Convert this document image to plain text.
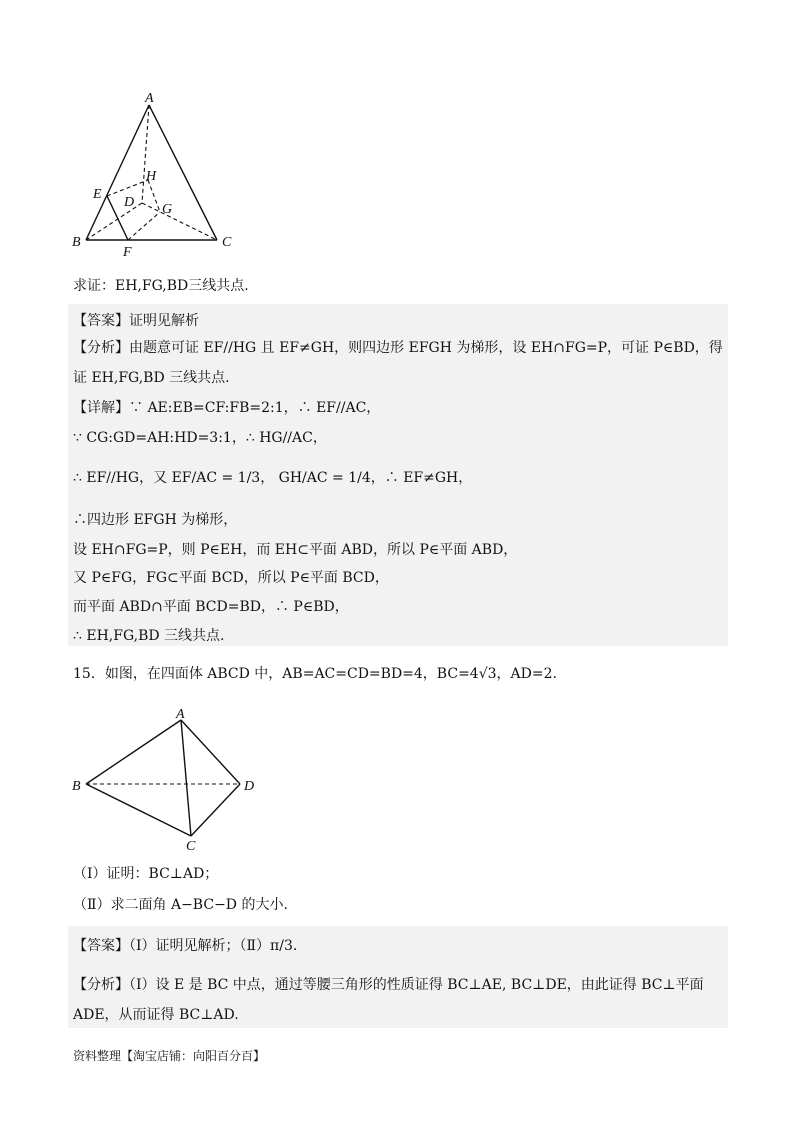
A
B	C
D
E
F
G
H
求证：EH,FG,BD三线共点.
【答案】证明见解析
【分析】由题意可证 EF//HG 且 EF≠GH，则四边形 EFGH 为梯形，设 EH∩FG=P，可证 P∈BD，得
证 EH,FG,BD 三线共点.
【详解】∵ AE:EB=CF:FB=2:1，∴ EF//AC，
∵ CG:GD=AH:HD=3:1，∴ HG//AC，
∴ EF//HG，又 EF/AC = 1/3， GH/AC = 1/4，∴ EF≠GH，
∴四边形 EFGH 为梯形，
设 EH∩FG=P，则 P∈EH，而 EH⊂平面 ABD，所以 P∈平面 ABD，
又 P∈FG，FG⊂平面 BCD，所以 P∈平面 BCD，
而平面 ABD∩平面 BCD=BD，∴ P∈BD，
∴ EH,FG,BD 三线共点.
15．如图，在四面体 ABCD 中，AB=AC=CD=BD=4，BC=4√3，AD=2.
A
B
C
D
（Ⅰ）证明：BC⊥AD；
（Ⅱ）求二面角 A−BC−D 的大小.
【答案】（Ⅰ）证明见解析；（Ⅱ）π/3.
【分析】（Ⅰ）设 E 是 BC 中点，通过等腰三角形的性质证得 BC⊥AE, BC⊥DE，由此证得 BC⊥平面
ADE，从而证得 BC⊥AD.
资料整理【淘宝店铺：向阳百分百】
